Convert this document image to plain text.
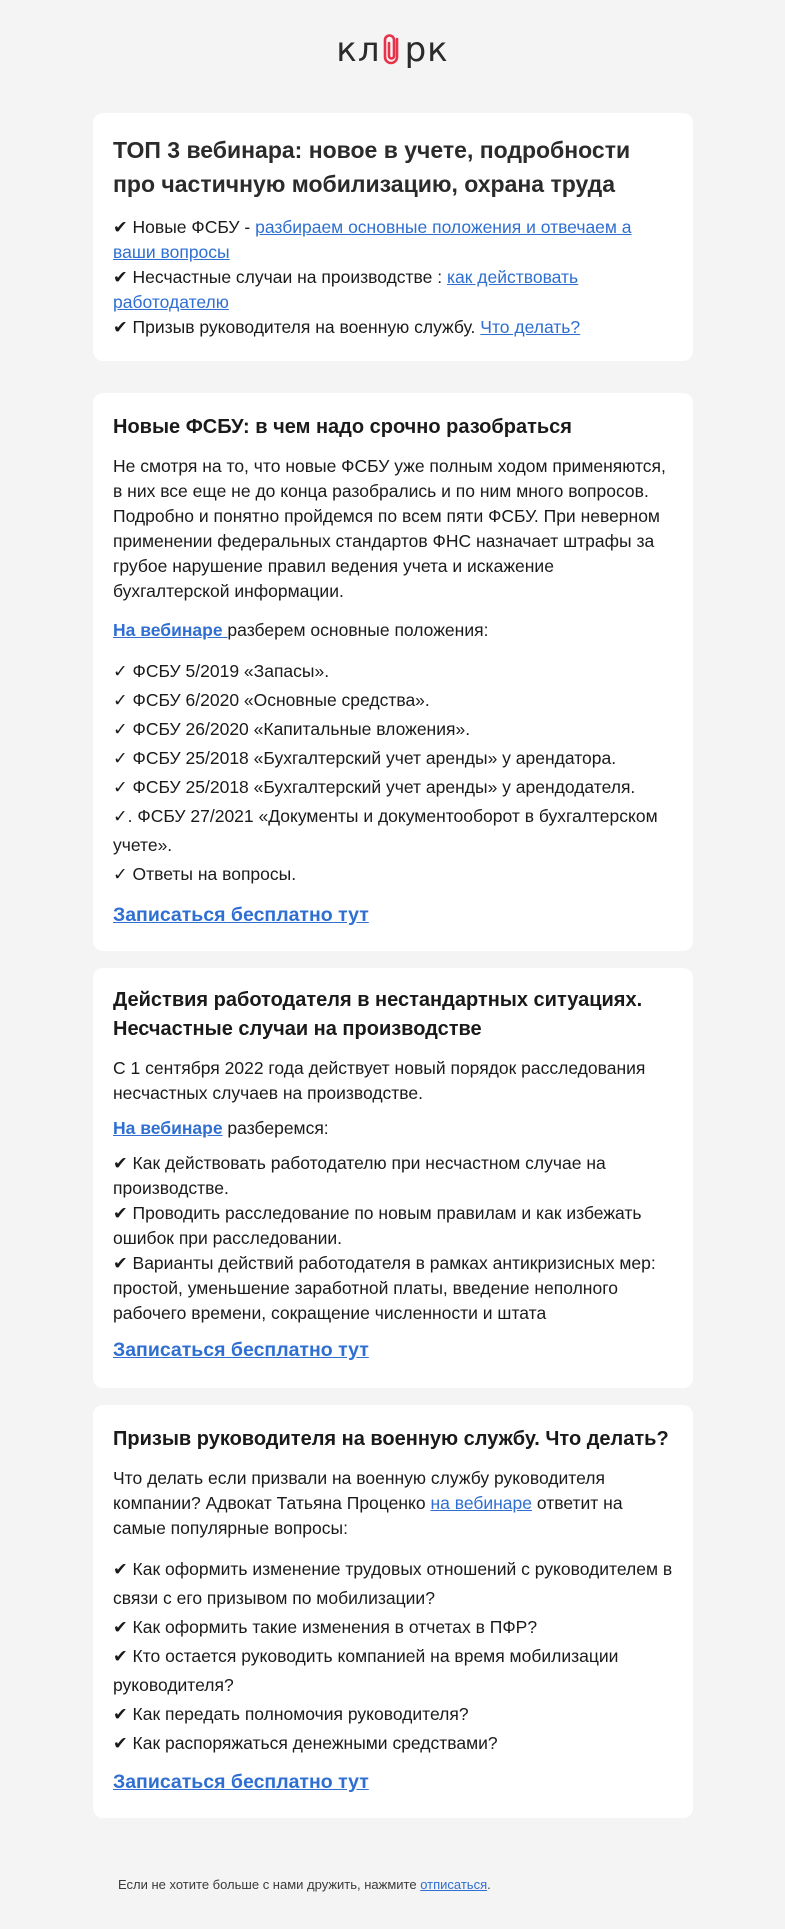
кл рк
ТОП 3 вебинара: новое в учете, подробности про частичную мобилизацию, охрана труда
✔ Новые ФСБУ - разбираем основные положения и отвечаем а ваши вопросы
✔ Несчастные случаи на производстве : как действовать работодателю
✔ Призыв руководителя на военную службу. Что делать?
Новые ФСБУ: в чем надо срочно разобраться
Не смотря на то, что новые ФСБУ уже полным ходом применяются, в них все еще не до конца разобрались и по ним много вопросов. Подробно и понятно пройдемся по всем пяти ФСБУ. При неверном применении федеральных стандартов ФНС назначает штрафы за грубое нарушение правил ведения учета и искажение бухгалтерской информации.
На вебинаре разберем основные положения:
✓ ФСБУ 5/2019 «Запасы».
✓ ФСБУ 6/2020 «Основные средства».
✓ ФСБУ 26/2020 «Капитальные вложения».
✓ ФСБУ 25/2018 «Бухгалтерский учет аренды» у арендатора.
✓ ФСБУ 25/2018 «Бухгалтерский учет аренды» у арендодателя.
✓. ФСБУ 27/2021 «Документы и документооборот в бухгалтерском учете».
✓ Ответы на вопросы.
Записаться бесплатно тут
Действия работодателя в нестандартных ситуациях. Несчастные случаи на производстве
С 1 сентября 2022 года действует новый порядок расследования несчастных случаев на производстве.
На вебинаре разберемся:
✔ Как действовать работодателю при несчастном случае на производстве.
✔ Проводить расследование по новым правилам и как избежать ошибок при расследовании.
✔ Варианты действий работодателя в рамках антикризисных мер: простой, уменьшение заработной платы, введение неполного рабочего времени, сокращение численности и штата
Записаться бесплатно тут
Призыв руководителя на военную службу. Что делать?
Что делать если призвали на военную службу руководителя компании? Адвокат Татьяна Проценко на вебинаре ответит на самые популярные вопросы:
✔ Как оформить изменение трудовых отношений с руководителем в связи с его призывом по мобилизации?
✔ Как оформить такие изменения в отчетах в ПФР?
✔ Кто остается руководить компанией на время мобилизации руководителя?
✔ Как передать полномочия руководителя?
✔ Как распоряжаться денежными средствами?
Записаться бесплатно тут
Если не хотите больше с нами дружить, нажмите отписаться.
